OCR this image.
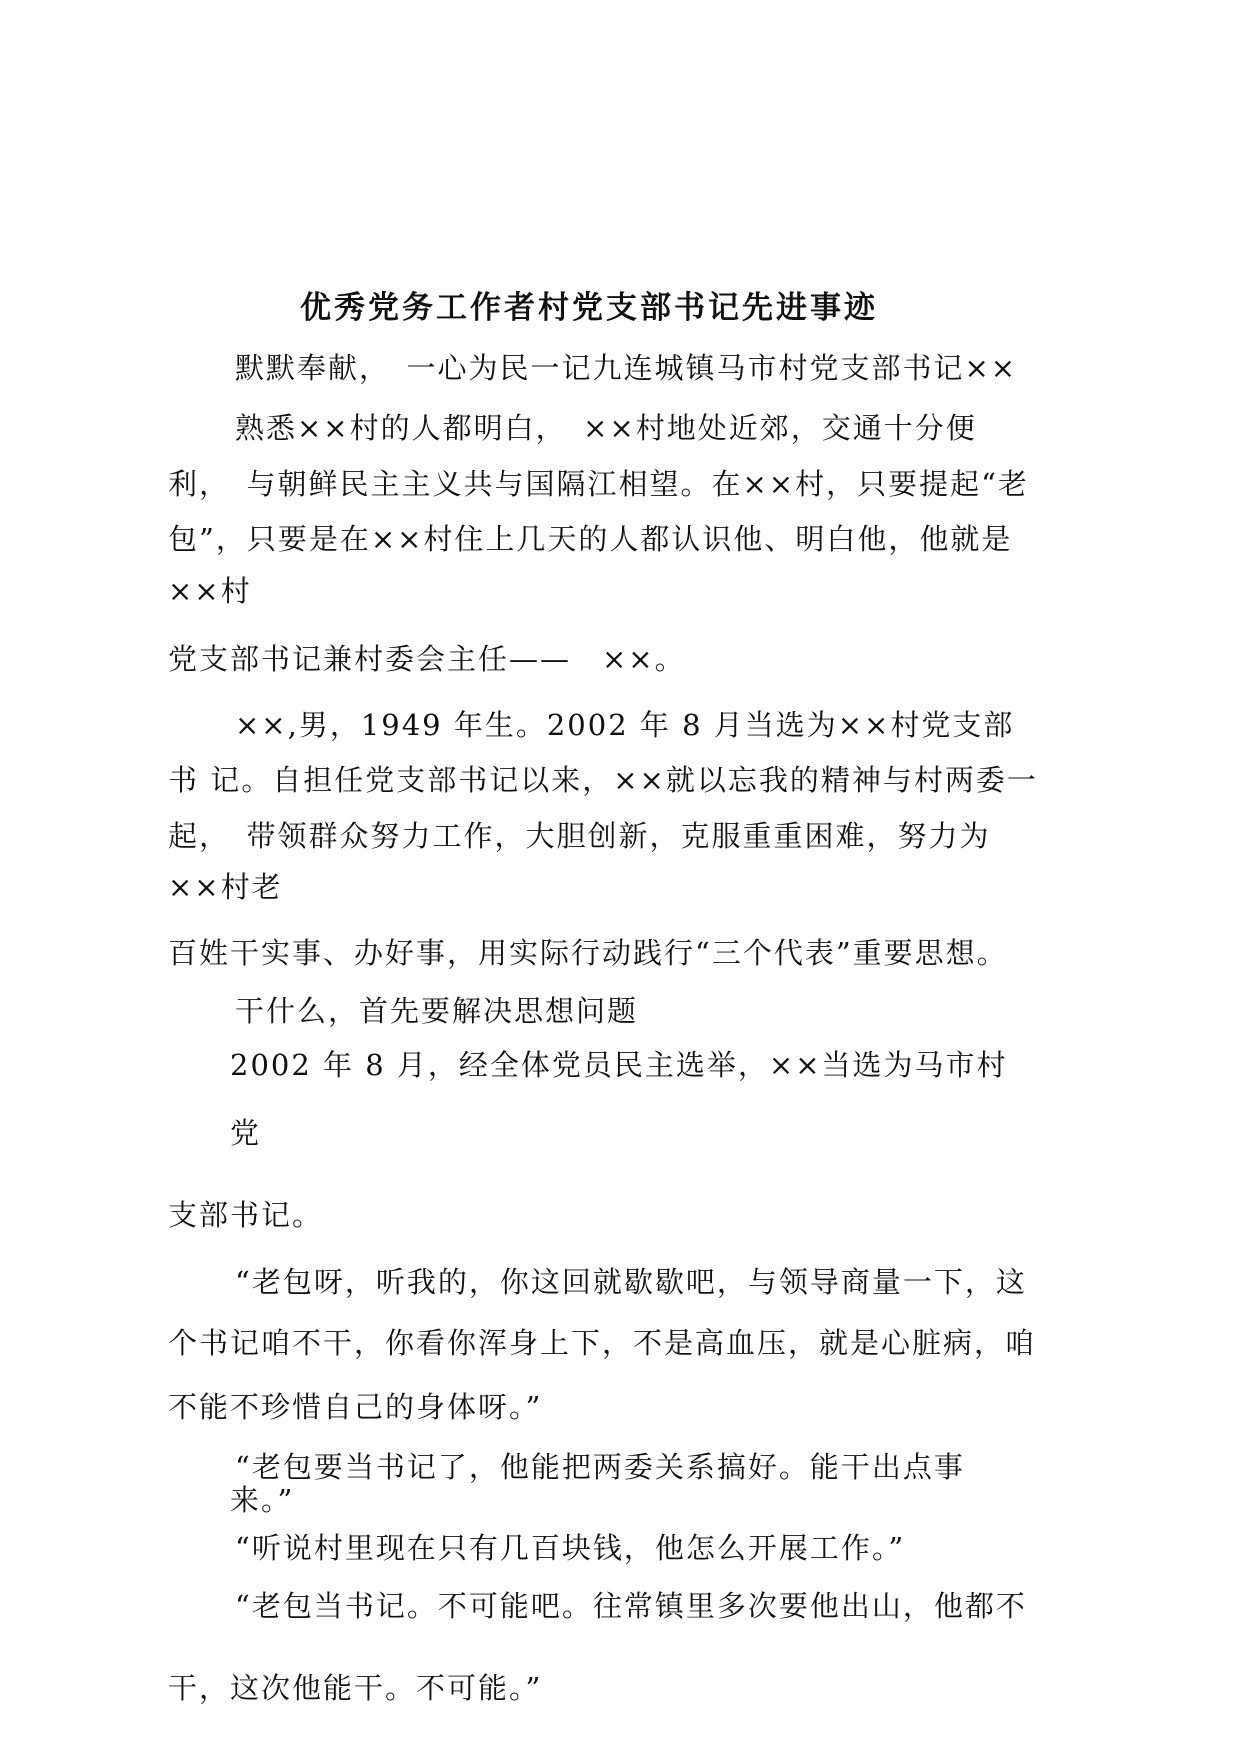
优秀党务工作者村党支部书记先进事迹

默默奉献，　一心为民一记九连城镇马市村党支部书记××

熟悉××村的人都明白，　××村地处近郊，交通十分便

利，　与朝鲜民主主义共与国隔江相望。在××村，只要提起“老

包”，只要是在××村住上几天的人都认识他、明白他，他就是

××村

党支部书记兼村委会主任——　××。

××,男，1949 年生。2002 年 8 月当选为××村党支部

书 记。自担任党支部书记以来，××就以忘我的精神与村两委一

起，　带领群众努力工作，大胆创新，克服重重困难，努力为

××村老

百姓干实事、办好事，用实际行动践行“三个代表”重要思想。

干什么，首先要解决思想问题

2002 年 8 月，经全体党员民主选举，××当选为马市村

党

支部书记。

“老包呀，听我的，你这回就歇歇吧，与领导商量一下，这

个书记咱不干，你看你浑身上下，不是高血压，就是心脏病，咱

不能不珍惜自己的身体呀。”

“老包要当书记了，他能把两委关系搞好。能干出点事

来。”

“听说村里现在只有几百块钱，他怎么开展工作。”

“老包当书记。不可能吧。往常镇里多次要他出山，他都不

干，这次他能干。不可能。”
